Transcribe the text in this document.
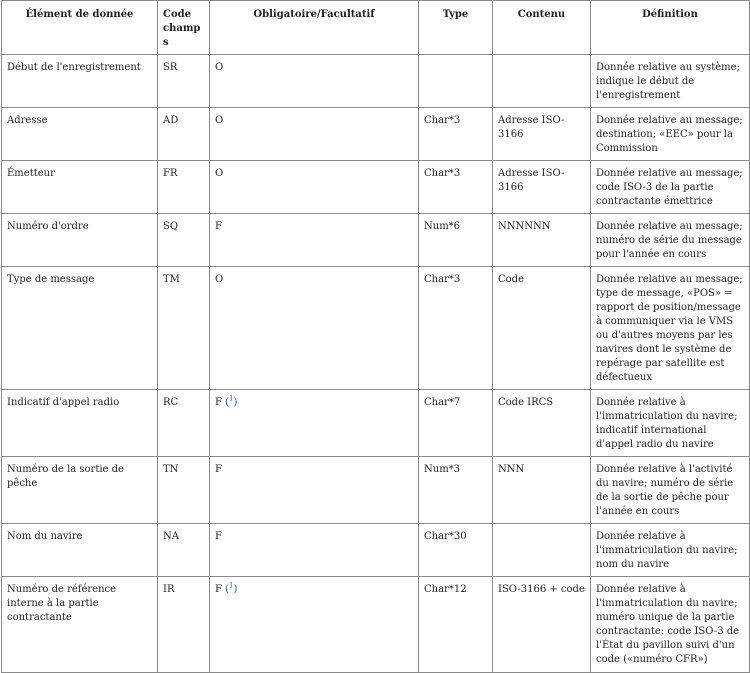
Élément de donnée	Code champs	Obligatoire/Facultatif	Type	Contenu	Définition
Début de l'enregistrement	SR	O			Donnée relative au système; indique le début de l'enregistrement
Adresse	AD	O	Char*3	Adresse ISO-3166	Donnée relative au message; destination; «EEC» pour la Commission
Émetteur	FR	O	Char*3	Adresse ISO-3166	Donnée relative au message; code ISO-3 de la partie contractante émettrice
Numéro d'ordre	SQ	F	Num*6	NNNNNN	Donnée relative au message; numéro de série du message pour l'année en cours
Type de message	TM	O	Char*3	Code	Donnée relative au message; type de message, «POS» = rapport de position/message à communiquer via le VMS ou d'autres moyens par les navires dont le système de repérage par satellite est défectueux
Indicatif d'appel radio	RC	F ($^1$)	Char*7	Code IRCS	Donnée relative à l'immatriculation du navire; indicatif international d'appel radio du navire
Numéro de la sortie de pêche	TN	F	Num*3	NNN	Donnée relative à l'activité du navire; numéro de série de la sortie de pêche pour l'année en cours
Nom du navire	NA	F	Char*30		Donnée relative à l'immatriculation du navire; nom du navire
Numéro de référence interne à la partie contractante	IR	F ($^1$)	Char*12	ISO-3166 + code	Donnée relative à l'immatriculation du navire; numéro unique de la partie contractante: code ISO-3 de l'État du pavillon suivi d'un code («numéro CFR»)
